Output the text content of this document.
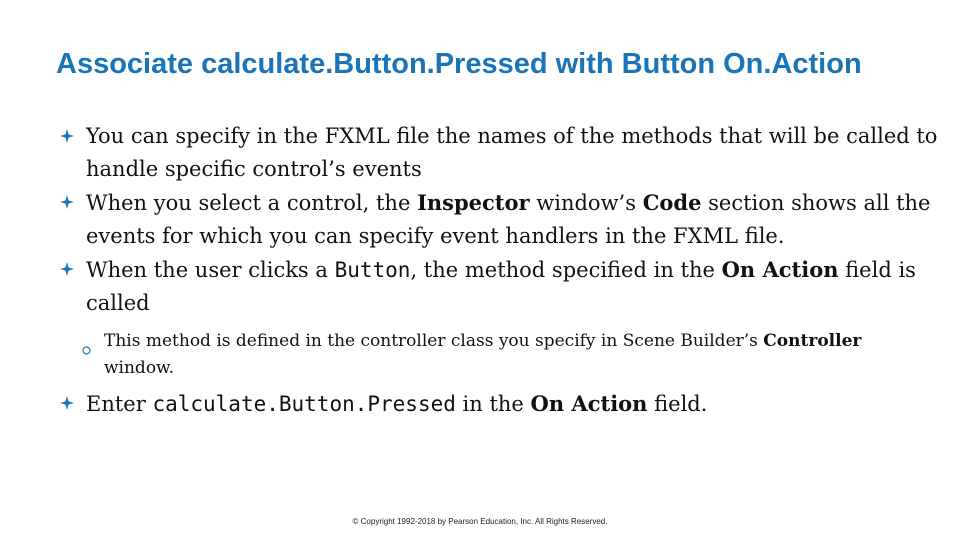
Associate calculate.Button.Pressed with Button On.Action
You can specify in the FXML file the names of the methods that will be called to handle specific control’s events
When you select a control, the Inspector window’s Code section shows all the events for which you can specify event handlers in the FXML file.
When the user clicks a Button, the method specified in the On Action field is called
This method is defined in the controller class you specify in Scene Builder’s Controller window.
Enter calculate.Button.Pressed in the On Action field.
© Copyright 1992-2018 by Pearson Education, Inc. All Rights Reserved.
